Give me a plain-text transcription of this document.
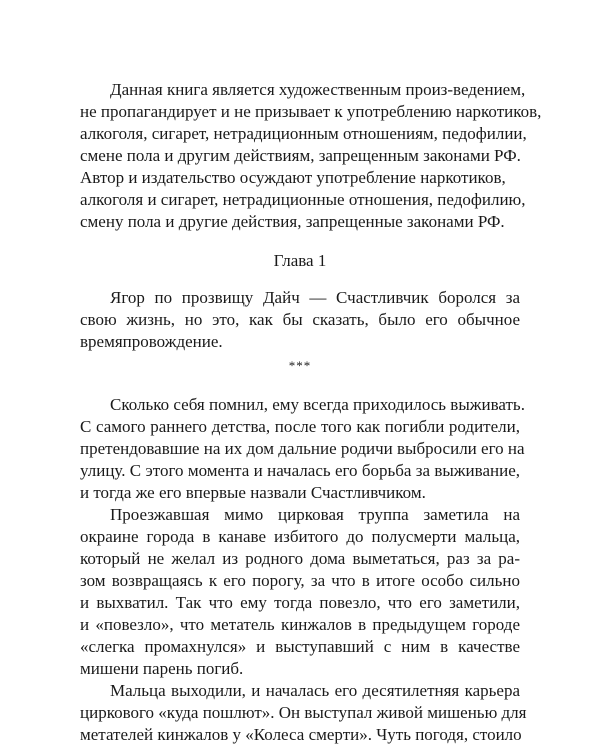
Данная книга является художественным произ-ведением,
не пропагандирует и не призывает к употреблению наркотиков,
алкоголя, сигарет, нетрадиционным отношениям, педофилии,
смене пола и другим действиям, запрещенным законами РФ.
Автор и издательство осуждают употребление наркотиков,
алкоголя и сигарет, нетрадиционные отношения, педофилию,
смену пола и другие действия, запрещенные законами РФ.
Глава 1
Ягор по прозвищу Дайч — Счастливчик боролся за
свою жизнь, но это, как бы сказать, было его обычное
времяпровождение.
***
Сколько себя помнил, ему всегда приходилось выживать.
С самого раннего детства, после того как погибли родители,
претендовавшие на их дом дальние родичи выбросили его на
улицу. С этого момента и началась его борьба за выживание,
и тогда же его впервые назвали Счастливчиком.
Проезжавшая мимо цирковая труппа заметила на
окраине города в канаве избитого до полусмерти мальца,
который не желал из родного дома выметаться, раз за ра-
зом возвращаясь к его порогу, за что в итоге особо сильно
и выхватил. Так что ему тогда повезло, что его заметили,
и «повезло», что метатель кинжалов в предыдущем городе
«слегка промахнулся» и выступавший с ним в качестве
мишени парень погиб.
Мальца выходили, и началась его десятилетняя карьера
циркового «куда пошлют». Он выступал живой мишенью для
метателей кинжалов у «Колеса смерти». Чуть погодя, стоило
